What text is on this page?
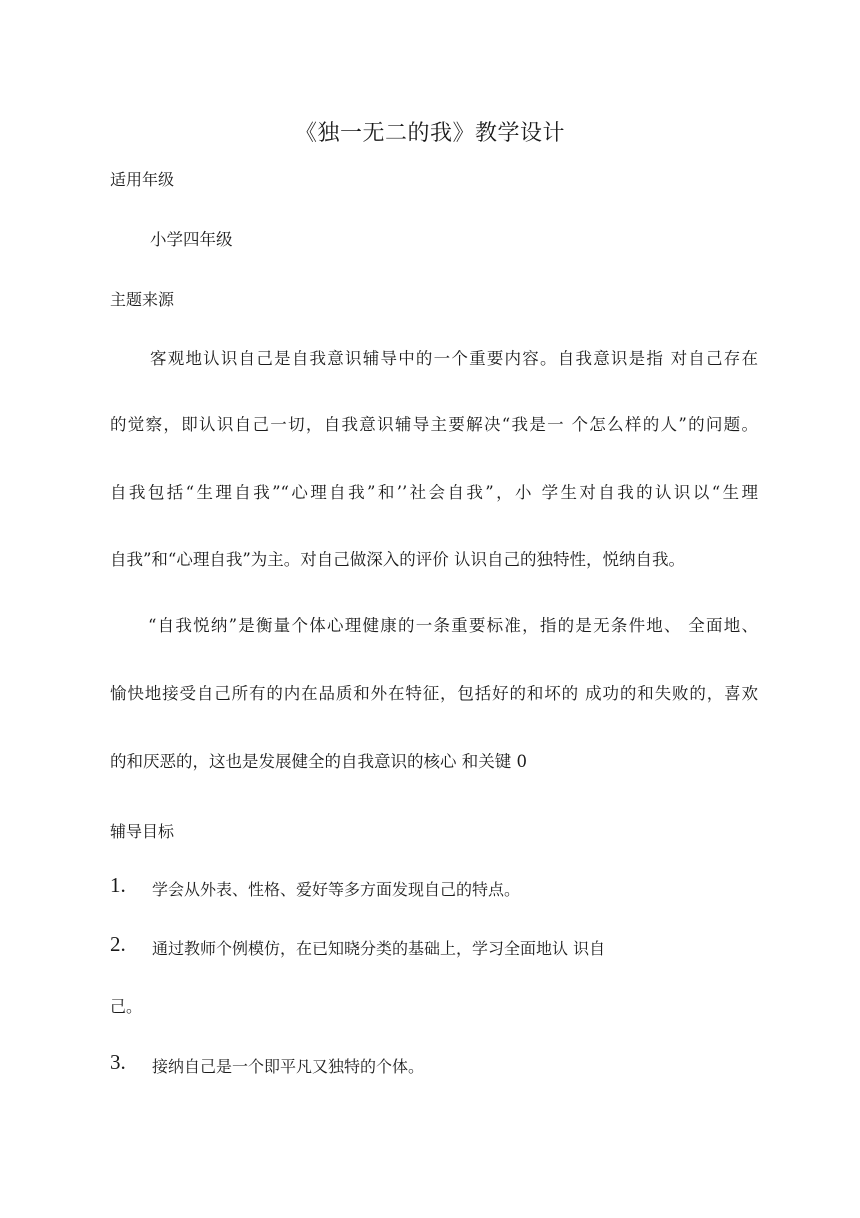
《独一无二的我》教学设计
适用年级
小学四年级
主题来源
客观地认识自己是自我意识辅导中的一个重要内容。自我意识是指 对自己存在
的觉察，即认识自己一切，自我意识辅导主要解决“我是一 个怎么样的人”的问题。
自我包括“生理自我”“心理自我”和’’社会自我”，小 学生对自我的认识以“生理
自我”和“心理自我”为主。对自己做深入的评价 认识自己的独特性，悦纳自我。
“自我悦纳”是衡量个体心理健康的一条重要标准，指的是无条件地、 全面地、
愉快地接受自己所有的内在品质和外在特征，包括好的和坏的 成功的和失败的，喜欢
的和厌恶的，这也是发展健全的自我意识的核心 和关键 0
辅导目标
1. 学会从外表、性格、爱好等多方面发现自己的特点。
2. 通过教师个例模仿，在已知晓分类的基础上，学习全面地认 识自
己。
3. 接纳自己是一个即平凡又独特的个体。
